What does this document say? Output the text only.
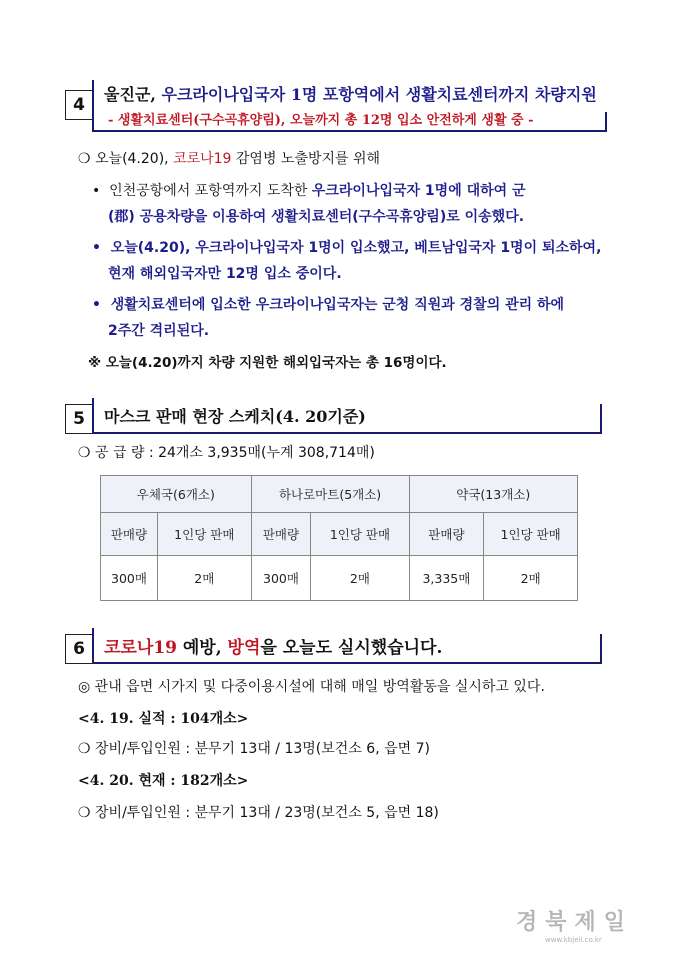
4
울진군, 우크라이나입국자 1명 포항역에서 생활치료센터까지 차량지원
- 생활치료센터(구수곡휴양림), 오늘까지 총 12명 입소 안전하게 생활 중 -
❍ 오늘(4.20), 코로나19 감염병 노출방지를 위해
• 인천공항에서 포항역까지 도착한 우크라이나입국자 1명에 대하여 군
(郡) 공용차량을 이용하여 생활치료센터(구수곡휴양림)로 이송했다.
• 오늘(4.20), 우크라이나입국자 1명이 입소했고, 베트남입국자 1명이 퇴소하여,
현재 해외입국자만 12명 입소 중이다.
• 생활치료센터에 입소한 우크라이나입국자는 군청 직원과 경찰의 관리 하에
2주간 격리된다.
※ 오늘(4.20)까지 차량 지원한 해외입국자는 총 16명이다.
5	마스크 판매 현장 스케치(4. 20기준)
❍ 공 급 량 : 24개소 3,935매(누계 308,714매)
우체국(6개소)		하나로마트(5개소)		약국(13개소)	
판매량	1인당 판매	판매량	1인당 판매	판매량	1인당 판매
300매	2매	300매	2매	3,335매	2매
6	코로나19 예방, 방역을 오늘도 실시했습니다.
◎ 관내 읍면 시가지 및 다중이용시설에 대해 매일 방역활동을 실시하고 있다.
<4. 19. 실적 : 104개소>
❍ 장비/투입인원 : 분무기 13대 / 13명(보건소 6, 읍면 7)
<4. 20. 현재 : 182개소>
❍ 장비/투입인원 : 분무기 13대 / 23명(보건소 5, 읍면 18)
경북제일
www.kbjeil.co.kr
